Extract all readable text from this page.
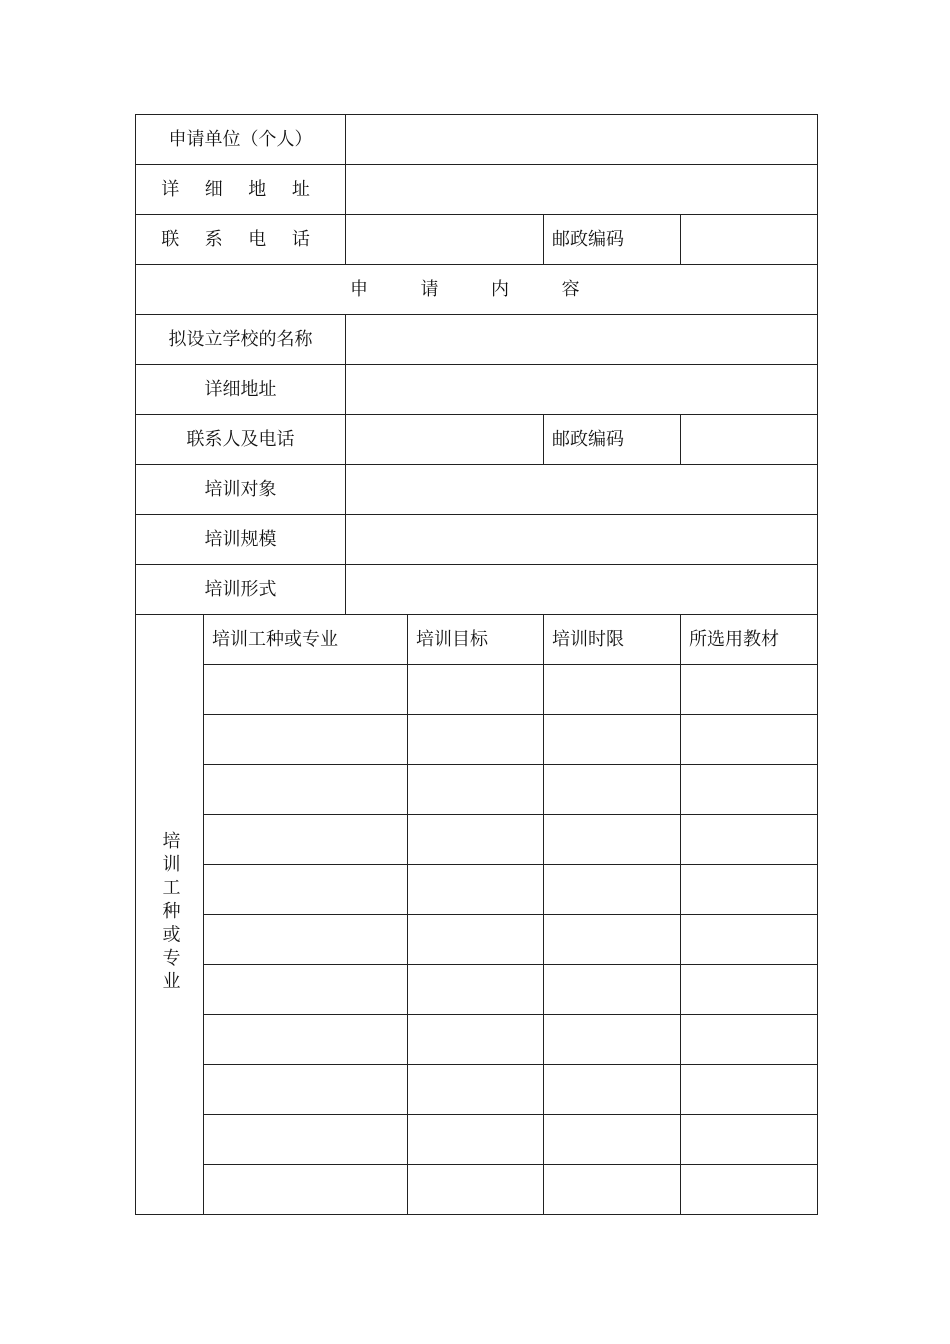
申请单位（个人）					
详 细 地 址					
联 系 电 话				邮政编码	
申 请 内 容					
拟设立学校的名称					
详细地址					
联系人及电话				邮政编码	
培训对象					
培训规模					
培训形式					
培训工种或专业	培训工种或专业		培训目标	培训时限	所选用教材
